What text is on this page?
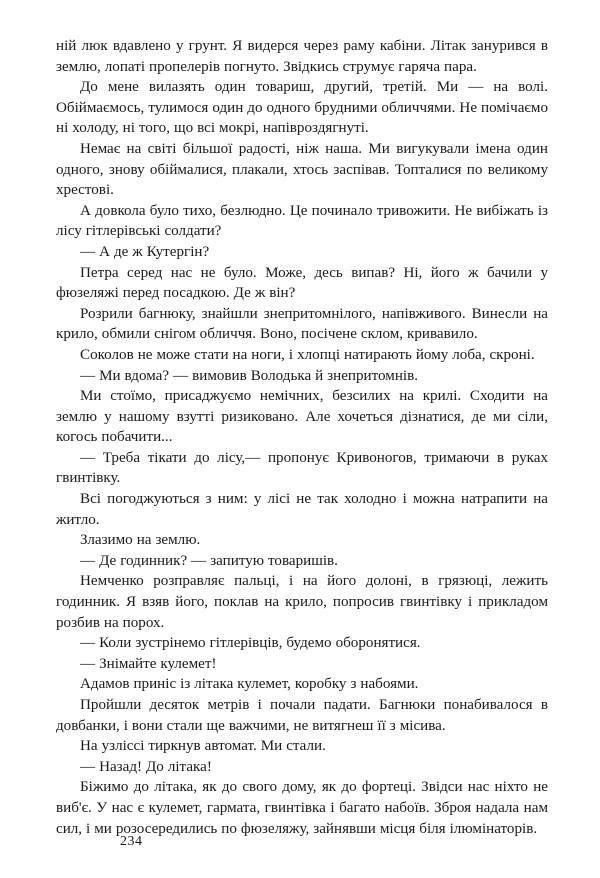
ній люк вдавлено у грунт. Я видерся через раму кабіни. Літак занурився в землю, лопаті пропелерів погнуто. Звідкись струмує гаряча пара.

До мене вилазять один товариш, другий, третій. Ми — на волі. Обіймаємось, тулимося один до одного брудними обличчями. Не помічаємо ні холоду, ні того, що всі мокрі, напівроздягнуті.

Немає на світі більшої радості, ніж наша. Ми вигукували імена один одного, знову обіймалися, плакали, хтось заспівав. Топталися по великому хрестові.

А довкола було тихо, безлюдно. Це починало тривожити. Не вибіжать із лісу гітлерівські солдати?

— А де ж Кутергін?

Петра серед нас не було. Може, десь випав? Ні, його ж бачили у фюзеляжі перед посадкою. Де ж він?

Розрили багнюку, знайшли знепритомнілого, напівживого. Винесли на крило, обмили снігом обличчя. Воно, посічене склом, кривавило.

Соколов не може стати на ноги, і хлопці натирають йому лоба, скроні.

— Ми вдома? — вимовив Володька й знепритомнів.

Ми стоїмо, присаджуємо немічних, безсилих на крилі. Сходити на землю у нашому взутті ризиковано. Але хочеться дізнатися, де ми сіли, когось побачити...

— Треба тікати до лісу,— пропонує Кривоногов, тримаючи в руках гвинтівку.

Всі погоджуються з ним: у лісі не так холодно і можна натрапити на житло.

Злазимо на землю.

— Де годинник? — запитую товаришів.

Немченко розправляє пальці, і на його долоні, в грязюці, лежить годинник. Я взяв його, поклав на крило, попросив гвинтівку і прикладом розбив на порох.

— Коли зустрінемо гітлерівців, будемо оборонятися.

— Знімайте кулемет!

Адамов приніс із літака кулемет, коробку з набоями.

Пройшли десяток метрів і почали падати. Багнюки понабивалося в довбанки, і вони стали ще важчими, не витягнеш її з місива.

На узліссі тиркнув автомат. Ми стали.

— Назад! До літака!

Біжимо до літака, як до свого дому, як до фортеці. Звідси нас ніхто не виб'є. У нас є кулемет, гармата, гвинтівка і багато набоїв. Зброя надала нам сил, і ми розосередились по фюзеляжу, зайнявши місця біля ілюмінаторів.

234
